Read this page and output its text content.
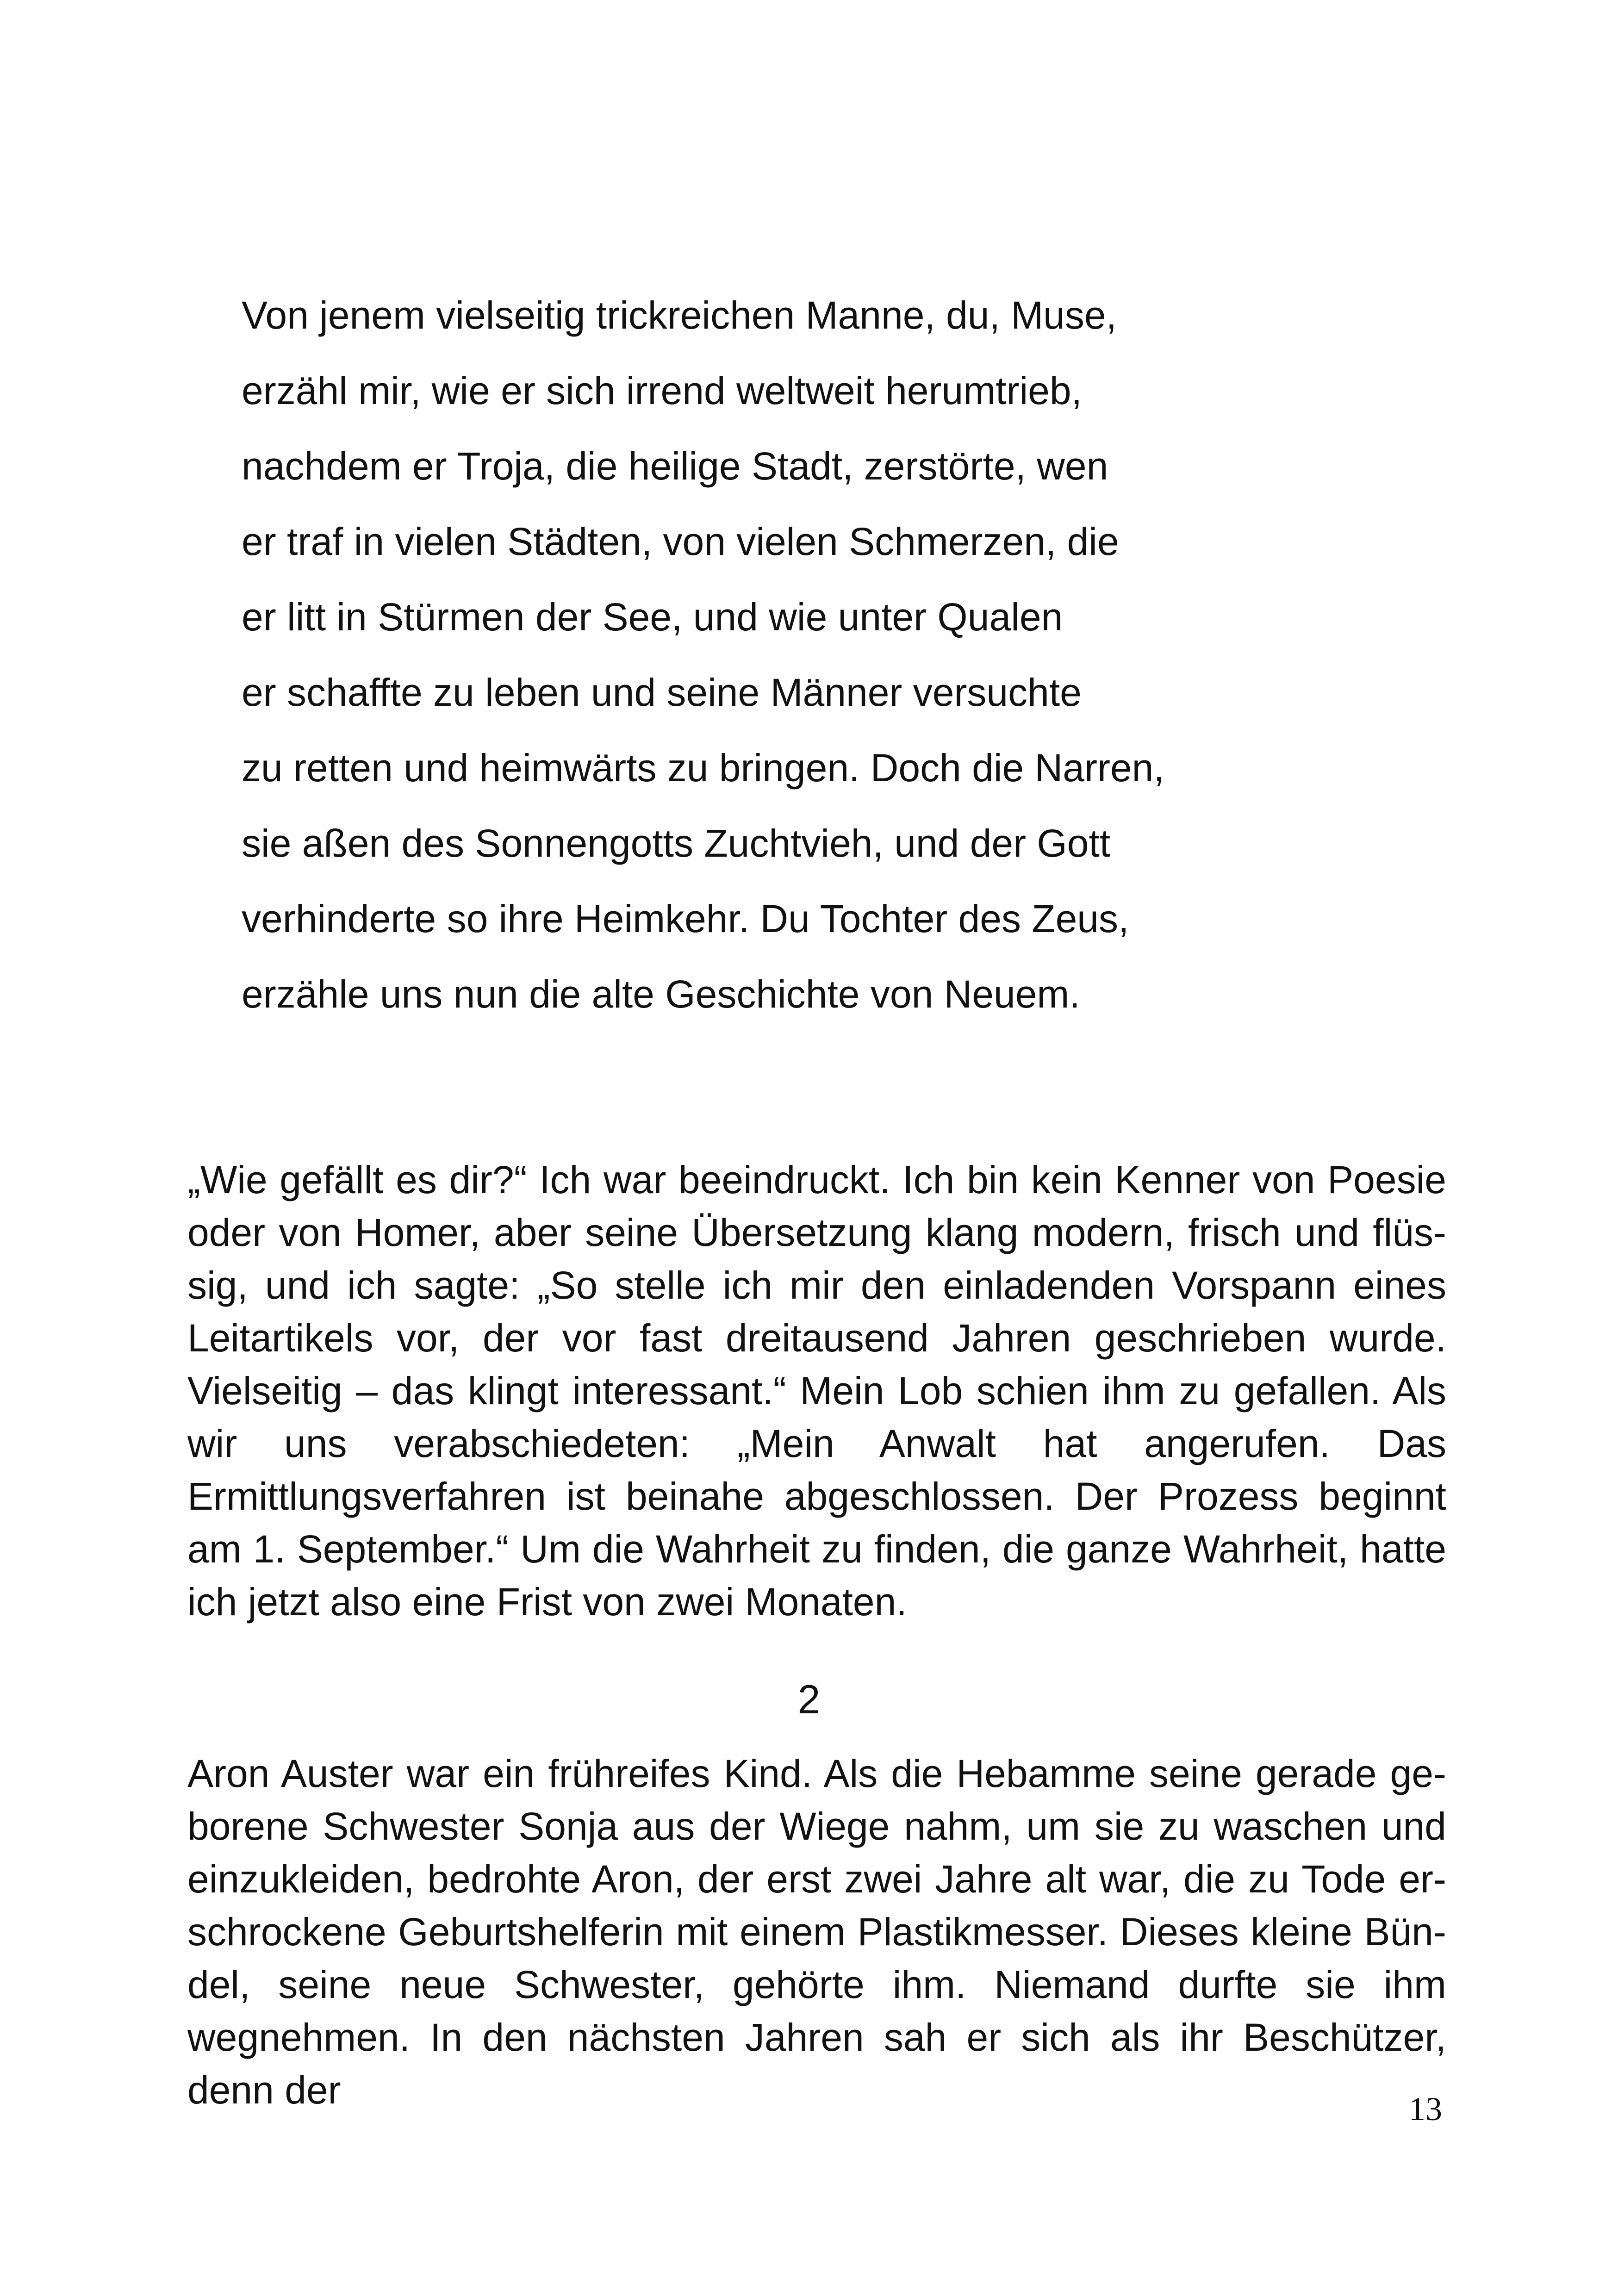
Von jenem vielseitig trickreichen Manne, du, Muse,
erzähl mir, wie er sich irrend weltweit herumtrieb,
nachdem er Troja, die heilige Stadt, zerstörte, wen
er traf in vielen Städten, von vielen Schmerzen, die
er litt in Stürmen der See, und wie unter Qualen
er schaffte zu leben und seine Männer versuchte
zu retten und heimwärts zu bringen. Doch die Narren,
sie aßen des Sonnengotts Zuchtvieh, und der Gott
verhinderte so ihre Heimkehr. Du Tochter des Zeus,
erzähle uns nun die alte Geschichte von Neuem.

„Wie gefällt es dir?“ Ich war beeindruckt. Ich bin kein Kenner von Poesie oder von Homer, aber seine Übersetzung klang modern, frisch und flüssig, und ich sagte: „So stelle ich mir den einladenden Vorspann eines Leitartikels vor, der vor fast dreitausend Jahren geschrieben wurde. Vielseitig – das klingt interessant.“ Mein Lob schien ihm zu gefallen. Als wir uns verabschiedeten: „Mein Anwalt hat angerufen. Das Ermittlungsverfahren ist beinahe abgeschlossen. Der Prozess beginnt am 1. September.“ Um die Wahrheit zu finden, die ganze Wahrheit, hatte ich jetzt also eine Frist von zwei Monaten.

2

Aron Auster war ein frühreifes Kind. Als die Hebamme seine gerade geborene Schwester Sonja aus der Wiege nahm, um sie zu waschen und einzukleiden, bedrohte Aron, der erst zwei Jahre alt war, die zu Tode erschrockene Geburtshelferin mit einem Plastikmesser. Dieses kleine Bündel, seine neue Schwester, gehörte ihm. Niemand durfte sie ihm wegnehmen. In den nächsten Jahren sah er sich als ihr Beschützer, denn der	13
